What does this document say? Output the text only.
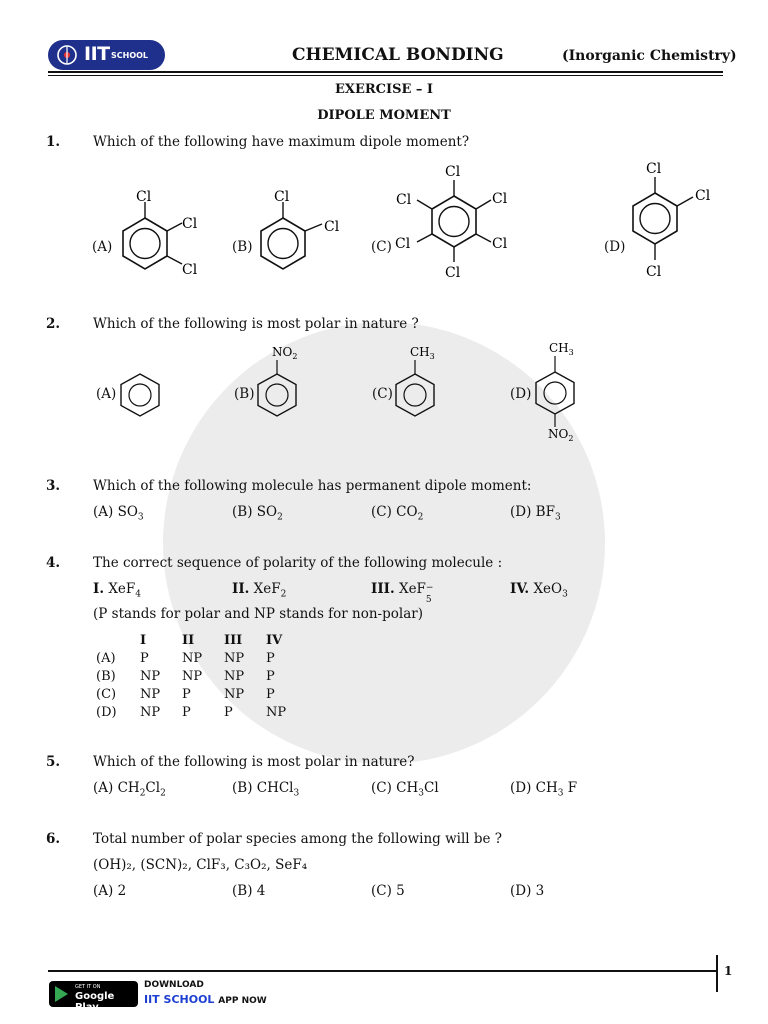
IIT SCHOOL	CHEMICAL BONDING	(Inorganic Chemistry)
EXERCISE – I
DIPOLE MOMENT
1. Which of the following have maximum dipole moment?
(A)
Cl
Cl
Cl
(B)
Cl
Cl
(C)
Cl
Cl
Cl
Cl
Cl
Cl
(D)
Cl
Cl
Cl
2. Which of the following is most polar in nature ?
(A)	(B)
$NO_2$
(C)
$CH_3$
(D)
$CH_3$
$NO_2$
3. Which of the following molecule has permanent dipole moment:
(A) $SO_3$	(B) $SO_2$	(C) $CO_2$	(D) $BF_3$
4. The correct sequence of polarity of the following molecule :
I. XeF$_4$	II. XeF$_2$	III. XeF −
5
IV. XeO$_3$
(P stands for polar and NP stands for non-polar)
	I	II	III	IV
(A)	P	NP	NP	P
(B)	NP	NP	NP	P
(C)	NP	P	NP	P
(D)	NP	P	P	NP
5. Which of the following is most polar in nature?
(A) $CH_2Cl_2$	(B) CHCl$_3$	(C) $CH_3Cl$	(D) $CH_3$ F
6. Total number of polar species among the following will be ?
(OH)₂, (SCN)₂, ClF₃, C₃O₂, SeF₄
(A) 2	(B) 4	(C) 5	(D) 3
1
GET IT ON
Google Play
DOWNLOAD
IIT SCHOOL APP NOW
